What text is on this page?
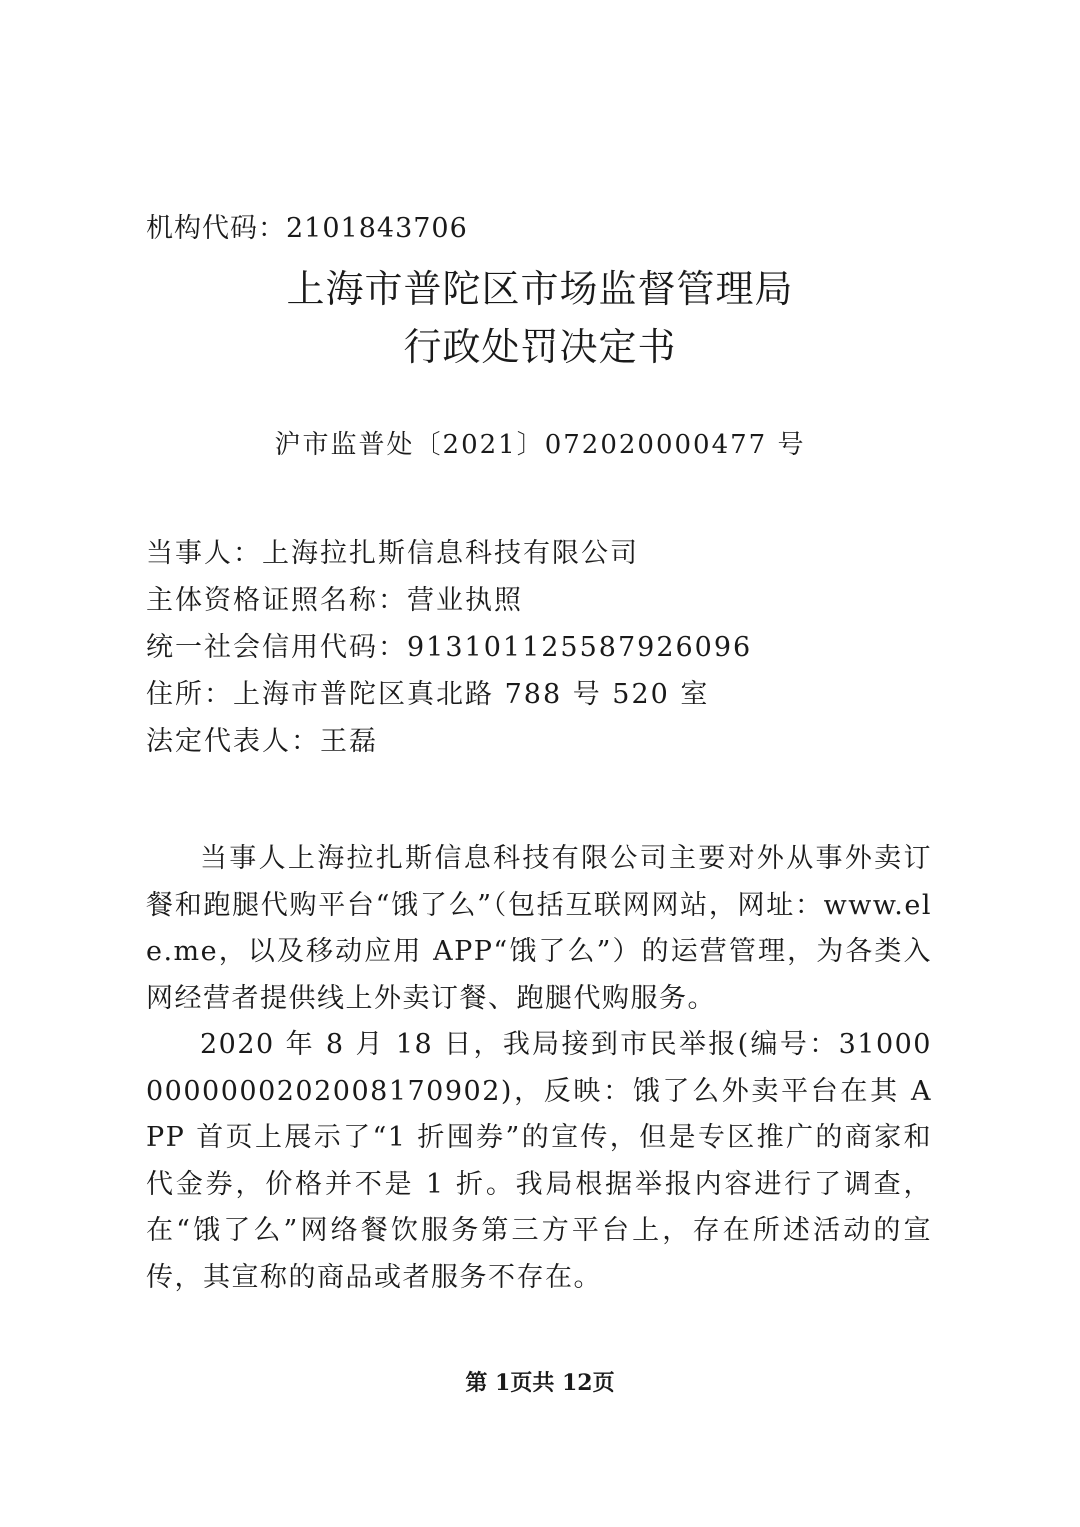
机构代码：2101843706
上海市普陀区市场监督管理局
行政处罚决定书
沪市监普处〔2021〕072020000477 号
当事人：上海拉扎斯信息科技有限公司
主体资格证照名称：营业执照
统一社会信用代码：913101125587926096
住所：上海市普陀区真北路 788 号 520 室
法定代表人：王磊

当事人上海拉扎斯信息科技有限公司主要对外从事外卖订餐和跑腿代购平台“饿了么”（包括互联网网站，网址：www.ele.me，以及移动应用 APP“饿了么”）的运营管理，为各类入网经营者提供线上外卖订餐、跑腿代购服务。

2020 年 8 月 18 日，我局接到市民举报(编号：310000000000202008170902)，反映：饿了么外卖平台在其 APP 首页上展示了“1 折囤券”的宣传，但是专区推广的商家和代金券，价格并不是 1 折。我局根据举报内容进行了调查，在“饿了么”网络餐饮服务第三方平台上，存在所述活动的宣传，其宣称的商品或者服务不存在。

第 1页共 12页
